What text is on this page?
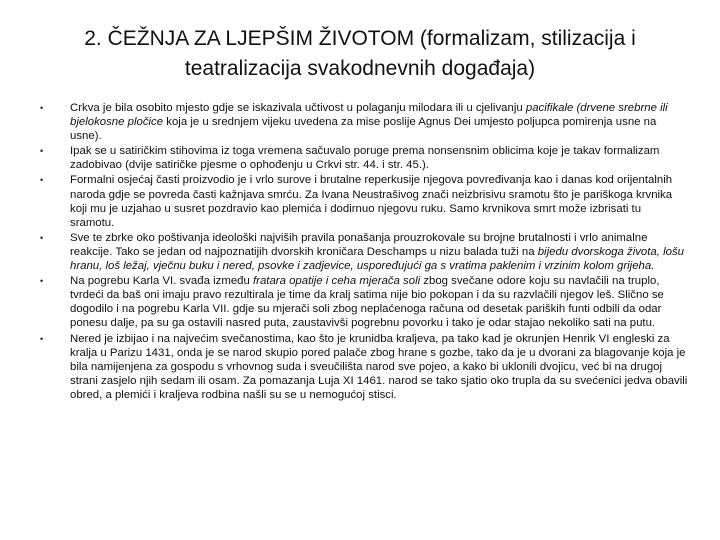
2. ČEŽNJA ZA LJEPŠIM ŽIVOTOM (formalizam, stilizacija i teatralizacija svakodnevnih događaja)
•	Crkva je bila osobito mjesto gdje se iskazivala učtivost u polaganju milodara ili u cjelivanju pacifikale (drvene srebrne ili bjelokosne pločice koja je u srednjem vijeku uvedena za mise poslije Agnus Dei umjesto poljupca pomirenja usne na usne).
•	Ipak se u satiričkim stihovima iz toga vremena sačuvalo poruge prema nonsensnim oblicima koje je takav formalizam zadobivao (dvije satiričke pjesme o ophođenju u Crkvi str. 44. i str. 45.).
•	Formalni osjećaj časti proizvodio je i vrlo surove i brutalne reperkusije njegova povređivanja kao i danas kod orijentalnih naroda gdje se povreda časti kažnjava smrću. Za Ivana Neustrašivog znači neizbrisivu sramotu što je pariškoga krvnika koji mu je uzjahao u susret pozdravio kao plemića i dodirnuo njegovu ruku. Samo krvnikova smrt može izbrisati tu sramotu.
•	Sve te zbrke oko poštivanja ideološki najviših pravila ponašanja prouzrokovale su brojne brutalnosti i vrlo animalne reakcije. Tako se jedan od najpoznatijih dvorskih kroničara Deschamps u nizu balada tuži na bijedu dvorskoga života, lošu hranu, loš ležaj, vječnu buku i nered, psovke i zadjevice, uspoređujući ga s vratima paklenim i vrzinim kolom grijeha.
•	Na pogrebu Karla VI. svađa između fratara opatije i ceha mjerača soli zbog svečane odore koju su navlačili na truplo, tvrdeći da baš oni imaju pravo rezultirala je time da kralj satima nije bio pokopan i da su razvlačili njegov leš. Slično se dogodilo i na pogrebu Karla VII. gdje su mjerači soli zbog neplaćenoga računa od desetak pariških funti odbili da odar ponesu dalje, pa su ga ostavili nasred puta, zaustavivši pogrebnu povorku i tako je odar stajao nekoliko sati na putu.
•	Nered je izbijao i na najvećim svečanostima, kao što je krunidba kraljeva, pa tako kad je okrunjen Henrik VI engleski za kralja u Parizu 1431, onda je se narod skupio pored palače zbog hrane s gozbe, tako da je u dvorani za blagovanje koja je bila namijenjena za gospodu s vrhovnog suda i sveučilišta narod sve pojeo, a kako bi uklonili dvojicu, već bi na drugoj strani zasjelo njih sedam ili osam. Za pomazanja Luja XI 1461. narod se tako sjatio oko trupla da su svećenici jedva obavili obred, a plemići i kraljeva rodbina našli su se u nemogućoj stisci.
